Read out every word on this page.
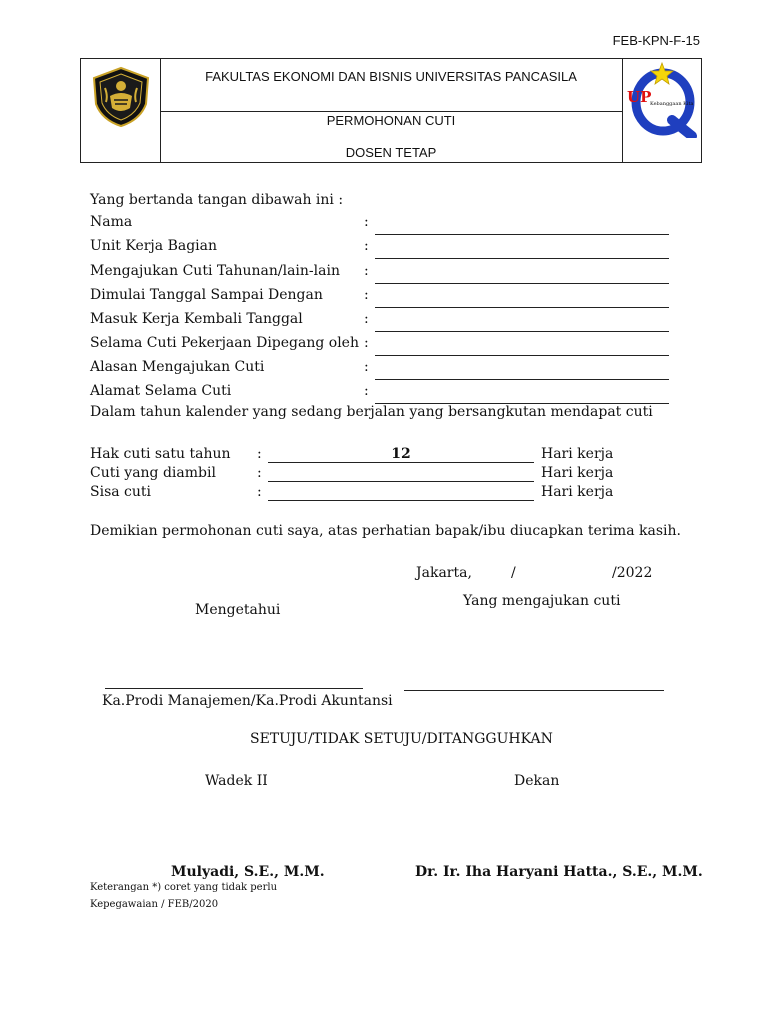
FEB-KPN-F-15
FAKULTAS EKONOMI DAN BISNIS UNIVERSITAS PANCASILA
PERMOHONAN CUTI
DOSEN TETAP
UP
Kebanggaan Kita
Yang bertanda tangan dibawah ini :
Nama	:
Unit Kerja Bagian	:
Mengajukan Cuti Tahunan/lain-lain :
Dimulai Tanggal Sampai Dengan	:
Masuk Kerja Kembali Tanggal	:
Selama Cuti Pekerjaan Dipegang oleh :
Alasan Mengajukan Cuti	:
Alamat Selama Cuti	:
Dalam tahun kalender yang sedang berjalan yang bersangkutan mendapat cuti
Hak cuti satu tahun :	12	Hari kerja
Cuti yang diambil	:	Hari kerja
Sisa cuti	:	Hari kerja
Demikian permohonan cuti saya, atas perhatian bapak/ibu diucapkan terima kasih.
Jakarta,	/	/2022
Yang mengajukan cuti
Mengetahui
Ka.Prodi Manajemen/Ka.Prodi Akuntansi
SETUJU/TIDAK SETUJU/DITANGGUHKAN
Wadek II	Dekan
Mulyadi, S.E., M.M.	Dr. Ir. Iha Haryani Hatta., S.E., M.M.
Keterangan *) coret yang tidak perlu
Kepegawaian / FEB/2020
